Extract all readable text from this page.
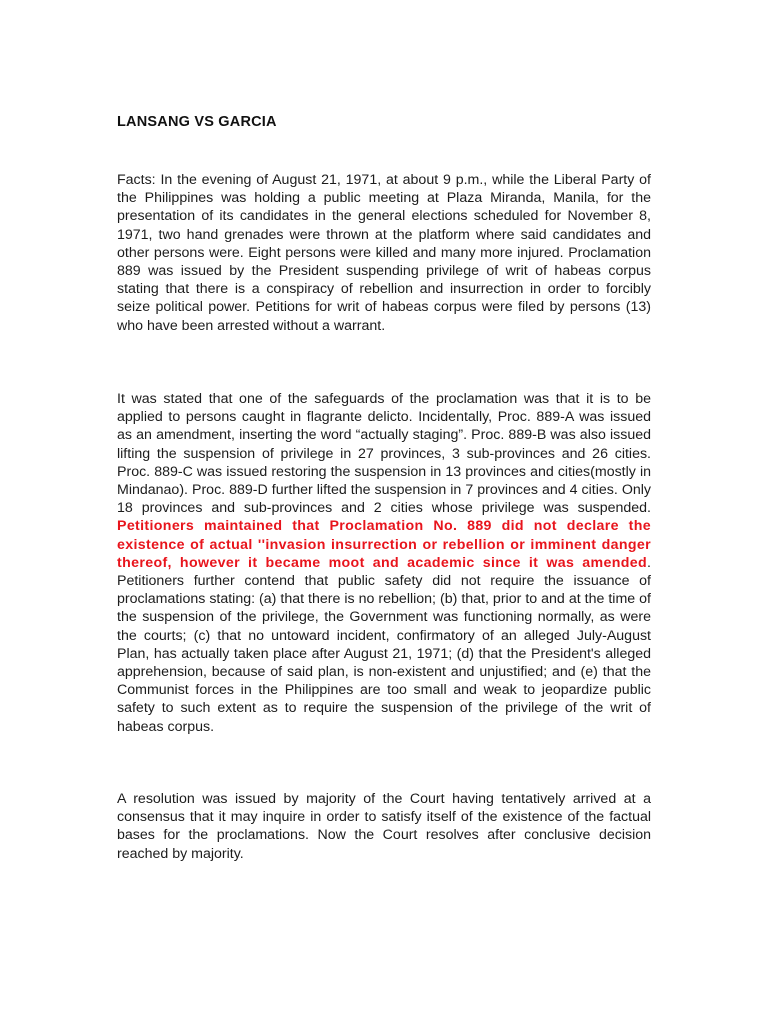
LANSANG VS GARCIA

Facts: In the evening of August 21, 1971, at about 9 p.m., while the Liberal Party of the Philippines was holding a public meeting at Plaza Miranda, Manila, for the presentation of its candidates in the general elections scheduled for November 8, 1971, two hand grenades were thrown at the platform where said candidates and other persons were. Eight persons were killed and many more injured. Proclamation 889 was issued by the President suspending privilege of writ of habeas corpus stating that there is a conspiracy of rebellion and insurrection in order to forcibly seize political power. Petitions for writ of habeas corpus were filed by persons (13) who have been arrested without a warrant.

It was stated that one of the safeguards of the proclamation was that it is to be applied to persons caught in flagrante delicto. Incidentally, Proc. 889-A was issued as an amendment, inserting the word “actually staging”. Proc. 889-B was also issued lifting the suspension of privilege in 27 provinces, 3 sub-provinces and 26 cities. Proc. 889-C was issued restoring the suspension in 13 provinces and cities(mostly in Mindanao). Proc. 889-D further lifted the suspension in 7 provinces and 4 cities. Only 18 provinces and sub-provinces and 2 cities whose privilege was suspended. Petitioners maintained that Proclamation No. 889 did not declare the existence of actual ''invasion insurrection or rebellion or imminent danger thereof, however it became moot and academic since it was amended. Petitioners further contend that public safety did not require the issuance of proclamations stating: (a) that there is no rebellion; (b) that, prior to and at the time of the suspension of the privilege, the Government was functioning normally, as were the courts; (c) that no untoward incident, confirmatory of an alleged July-August Plan, has actually taken place after August 21, 1971; (d) that the President's alleged apprehension, because of said plan, is non-existent and unjustified; and (e) that the Communist forces in the Philippines are too small and weak to jeopardize public safety to such extent as to require the suspension of the privilege of the writ of habeas corpus.

A resolution was issued by majority of the Court having tentatively arrived at a consensus that it may inquire in order to satisfy itself of the existence of the factual bases for the proclamations. Now the Court resolves after conclusive decision reached by majority.
